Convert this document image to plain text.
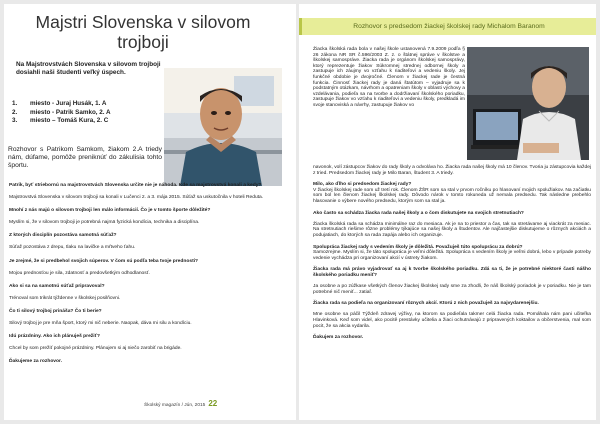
Majstri Slovenska v silovom trojboji
Na Majstrovstvách Slovenska v silovom trojboji dosiahli naši študenti veľký úspech.
1. miesto - Juraj Husák, 1. A
2. miesto - Patrik Samko, 2. A
3. miesto – Tomáš Kura, 2. C
Rozhovor s Patrikom Samkom, žiakom 2.A triedy nám, dúfame, pomôže preniknúť do zákulisia tohto športu.

Patrik, byť striebornú na majstrovstvách Slovenska určite nie je náhoda. Kde sa majstrovstvá konali a kedy?

Majstrovstvá Slovenska v silovom trojboji sa konali v Lučenci 2. a 3. mája 2015. Súťaž sa uskutočnila v hoteli Reduta.

Mnohí z nás majú o silovom trojboji len málo informácií. Čo je v tomto športe dôležité?

Myslím si, že v silovom trojboji je potrebná najmä fyzická kondícia, technika a disciplína.

Z ktorých disciplín pozostáva samotná súťaž?

Súťaž pozostáva z drepu, tlaku na lavičke a mŕtveho ťahu.

Je zrejmé, že si predbehol svojich súperov. V čom sú podľa teba tvoje prednosti?

Mojou prednosťou je sila, zdatnosť a predovšetkým odhodlanosť.

Ako si sa na samotnú súťaž pripravoval?

Trénoval som trikrát týždenne v školskej posilňovni.

Čo ti silový trojboj prináša? Čo ti berie?

Silový trojboj je pre mňa šport, ktorý mi nič neberie. Naopak, dáva mi silu a kondíciu.

Idú prázdniny. Ako ich plánuješ prežiť?

Chcel by som prežiť pokojné prázdniny. Plánujem si aj niečo zarobiť na brigáde.

Ďakujeme za rozhovor.

Školský magazín / Jún, 2015 22
Rozhovor s predsedom žiackej školskej rady Michalom Baranom
Žiacka školská rada bola v našej škole ustanovená 7.9.2009 podľa § 26 zákona NR SR č.596/2003 Z. z. o štátnej správe v školstve a školskej samospráve. Žiacka rada je orgánom školskej samosprávy, ktorý reprezentuje žiakov Súkromnej strednej odbornej školy a zastupuje ich záujmy vo vzťahu k riaditeľovi a vedeniu školy. Jej funkčné obdobie je dvojročné. Členom v žiackej rade je čestná funkcia. Činnosť žiackej rady je daná štatútom – vyjadruje sa k podstatným otázkam, návrhom a opatreniam školy v oblasti výchovy a vzdelávania, podieľa sa na tvorbe a dodržiavaní školského poriadku, zastupuje žiakov vo vzťahu k riaditeľovi a vedeniu školy, predkladá im svoje stanoviská a návrhy, zastupuje žiakov vo

navonok, volí zástupcov žiakov do rady školy a odvoláva ho. Žiacka rada našej školy má 10 členov. Tvoria ju zástupcovia každej z tried. Predsedom žiackej rady je Milo Baran, študent 3. A triedy.

Milo, ako ďlho si predsedom žiackej rady?
V žiackej školskej rade som už tretí rok. Členom ŽŠR som sa stal v prvom ročníku po hlasovaní mojich spolužiakov. Na začiatku som bol len členom žiackej školskej rady. Dôvodo nárok v tomto rokuneda už nemala predsedu. Tak následne prebehlo hlasovanie o výbere nového predsedu, ktorým som sa stal ja.

Ako často sa schádza žiacka rada našej školy a o čom diskutujete na svojich stretnutiach?

Žiacka školská rada sa schádza minimálne raz do mesiaca. Ak je na to priestor a čas, tak sa stretávame aj viackrát za mesiac. Na stretnutiach riešime rôzne problémy týkajúce sa našej školy a študentov. Ale najčastejšie diskutujeme o rôznych akciách a podujatiach, do ktorých sa rada zapája alebo ich organizuje.

Spolupráca žiackej rady s vedením školy je dôležitá. Považuješ túto spoluprácu za dobrú?
Samozrejme. Myslím si, že táto spolupráca je veľmi dôležitá. Spolupráca s vedením školy je veľmi dobrá, lebo v prípade potreby vedenie vychádza pri organizovaní akcií v ústrety žiakom.

Žiacka rada má právo vyjadrovať sa aj k tvorbe školského poriadku. Zdá sa ti, že je potrebné niektoré časti nášho školského poriadku meniť?

Ja osobne a po zúžkase všetkých členov žiackej školskej rady sme za zhodli, že náš školský poriadok je v poriadku. Nie je tam potrebné nič meniť... zatiaľ.

Žiacka rada sa podieľa na organizovaní rôznych akcií. Ktorú z nich považuješ za najvydarenejšiu.

Mne osobne sa páčil Týždeň zdravej výživy, na ktorom sa podieľala takmer celá žiacka rada. Pomáhala nám pani učiteľka Hlavinková. Keď som videl, ako pocitě prestávky učitelia a žiaci ochutnávajú z pripravených koktailov a občerstvenia, mal som pocit, že sa akcia vydarila.

Ďakujem za rozhovor.
